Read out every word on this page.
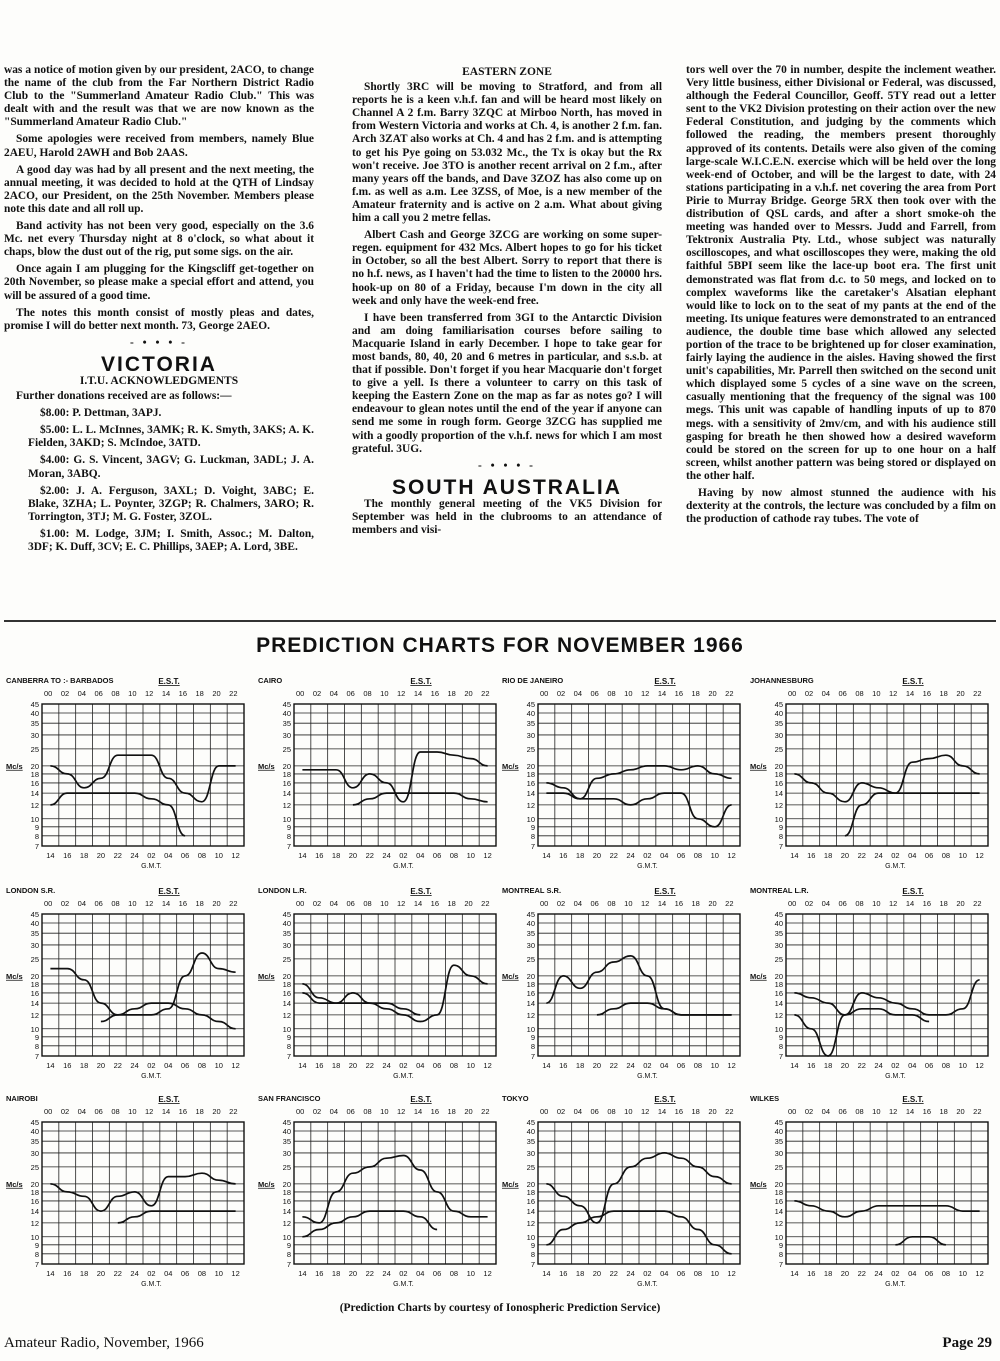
was a notice of motion given by our president, 2ACO, to change the name of the club from the Far Northern District Radio Club to the "Summerland Amateur Radio Club." This was dealt with and the result was that we are now known as the "Summerland Amateur Radio Club."

Some apologies were received from members, namely Blue 2AEU, Harold 2AWH and Bob 2AAS.

A good day was had by all present and the next meeting, the annual meeting, it was decided to hold at the QTH of Lindsay 2ACO, our President, on the 25th November. Members please note this date and all roll up.

Band activity has not been very good, especially on the 3.6 Mc. net every Thursday night at 8 o'clock, so what about it chaps, blow the dust out of the rig, put some sigs. on the air.

Once again I am plugging for the Kingscliff get-together on 20th November, so please make a special effort and attend, you will be assured of a good time.

The notes this month consist of mostly pleas and dates, promise I will do better next month. 73, George 2AEO.

- • • • -
VICTORIA
I.T.U. ACKNOWLEDGMENTS

Further donations received are as follows:—

$8.00: P. Dettman, 3APJ.

$5.00: L. L. McInnes, 3AMK; R. K. Smyth, 3AKS; A. K. Fielden, 3AKD; S. McIndoe, 3ATD.

$4.00: G. S. Vincent, 3AGV; G. Luckman, 3ADL; J. A. Moran, 3ABQ.

$2.00: J. A. Ferguson, 3AXL; D. Voight, 3ABC; E. Blake, 3ZHA; L. Poynter, 3ZGP; R. Chalmers, 3ARO; R. Torrington, 3TJ; M. G. Foster, 3ZOL.

$1.00: M. Lodge, 3JM; I. Smith, Assoc.; M. Dalton, 3DF; K. Duff, 3CV; E. C. Phillips, 3AEP; A. Lord, 3BE.

EASTERN ZONE

Shortly 3RC will be moving to Stratford, and from all reports he is a keen v.h.f. fan and will be heard most likely on Channel A 2 f.m. Barry 3ZQC at Mirboo North, has moved in from Western Victoria and works at Ch. 4, is another 2 f.m. fan. Arch 3ZAT also works at Ch. 4 and has 2 f.m. and is attempting to get his Pye going on 53.032 Mc., the Tx is okay but the Rx won't receive. Joe 3TO is another recent arrival on 2 f.m., after many years off the bands, and Dave 3ZOZ has also come up on f.m. as well as a.m. Lee 3ZSS, of Moe, is a new member of the Amateur fraternity and is active on 2 a.m. What about giving him a call you 2 metre fellas.

Albert Cash and George 3ZCG are working on some super-regen. equipment for 432 Mcs. Albert hopes to go for his ticket in October, so all the best Albert. Sorry to report that there is no h.f. news, as I haven't had the time to listen to the 20000 hrs. hook-up on 80 of a Friday, because I'm down in the city all week and only have the week-end free.

I have been transferred from 3GI to the Antarctic Division and am doing familiarisation courses before sailing to Macquarie Island in early December. I hope to take gear for most bands, 80, 40, 20 and 6 metres in particular, and s.s.b. at that if possible. Don't forget if you hear Macquarie don't forget to give a yell. Is there a volunteer to carry on this task of keeping the Eastern Zone on the map as far as notes go? I will endeavour to glean notes until the end of the year if anyone can send me some in rough form. George 3ZCG has supplied me with a goodly proportion of the v.h.f. news for which I am most grateful. 3UG.

- • • • -
SOUTH AUSTRALIA

The monthly general meeting of the VK5 Division for September was held in the clubrooms to an attendance of members and visi-

tors well over the 70 in number, despite the inclement weather. Very little business, either Divisional or Federal, was discussed, although the Federal Councillor, Geoff. 5TY read out a letter sent to the VK2 Division protesting on their action over the new Federal Constitution, and judging by the comments which followed the reading, the members present thoroughly approved of its contents. Details were also given of the coming large-scale W.I.C.E.N. exercise which will be held over the long week-end of October, and will be the largest to date, with 24 stations participating in a v.h.f. net covering the area from Port Pirie to Murray Bridge. George 5RX then took over with the distribution of QSL cards, and after a short smoke-oh the meeting was handed over to Messrs. Judd and Farrell, from Tektronix Australia Pty. Ltd., whose subject was naturally oscilloscopes, and what oscilloscopes they were, making the old faithful 5BPI seem like the lace-up boot era. The first unit demonstrated was flat from d.c. to 50 megs, and locked on to complex waveforms like the caretaker's Alsatian elephant would like to lock on to the seat of my pants at the end of the meeting. Its unique features were demonstrated to an entranced audience, the double time base which allowed any selected portion of the trace to be brightened up for closer examination, fairly laying the audience in the aisles. Having showed the first unit's capabilities, Mr. Parrell then switched on the second unit which displayed some 5 cycles of a sine wave on the screen, casually mentioning that the frequency of the signal was 100 megs. This unit was capable of handling inputs of up to 870 megs. with a sensitivity of 2mv/cm, and with his audience still gasping for breath he then showed how a desired waveform could be stored on the screen for up to one hour on a half screen, whilst another pattern was being stored or displayed on the other half.

Having by now almost stunned the audience with his dexterity at the controls, the lecture was concluded by a film on the production of cathode ray tubes. The vote of

PREDICTION CHARTS FOR NOVEMBER 1966
CANBERRA TO :- BARBADOS	E.S.T.
00 02 04 06 08 10 12 14 16 18 20 22
Mc/s
45
40
35
30
25
20
18
16
14
12
10
9
8
7
14 16 18 20 22 24 02 04 06 08 10 12
G.M.T.
CAIRO	E.S.T.
00 02 04 06 08 10 12 14 16 18 20 22
Mc/s
45
40
35
30
25
20
18
16
14
12
10
9
8
7
14 16 18 20 22 24 02 04 06 08 10 12
G.M.T.
RIO DE JANEIRO	E.S.T.
00 02 04 06 08 10 12 14 16 18 20 22
Mc/s
45
40
35
30
25
20
18
16
14
12
10
9
8
7
14 16 18 20 22 24 02 04 06 08 10 12
G.M.T.
JOHANNESBURG	E.S.T.
00 02 04 06 08 10 12 14 16 18 20 22
Mc/s
45
40
35
30
25
20
18
16
14
12
10
9
8
7
14 16 18 20 22 24 02 04 06 08 10 12
G.M.T.
LONDON S.R.	E.S.T.
00 02 04 06 08 10 12 14 16 18 20 22
Mc/s
45
40
35
30
25
20
18
16
14
12
10
9
8
7
14 16 18 20 22 24 02 04 06 08 10 12
G.M.T.
LONDON L.R.	E.S.T.
00 02 04 06 08 10 12 14 16 18 20 22
Mc/s
45
40
35
30
25
20
18
16
14
12
10
9
8
7
14 16 18 20 22 24 02 04 06 08 10 12
G.M.T.
MONTREAL S.R.	E.S.T.
00 02 04 06 08 10 12 14 16 18 20 22
Mc/s
45
40
35
30
25
20
18
16
14
12
10
9
8
7
14 16 18 20 22 24 02 04 06 08 10 12
G.M.T.
MONTREAL L.R.	E.S.T.
00 02 04 06 08 10 12 14 16 18 20 22
Mc/s
45
40
35
30
25
20
18
16
14
12
10
9
8
7
14 16 18 20 22 24 02 04 06 08 10 12
G.M.T.
NAIROBI	E.S.T.
00 02 04 06 08 10 12 14 16 18 20 22
Mc/s
45
40
35
30
25
20
18
16
14
12
10
9
8
7
14 16 18 20 22 24 02 04 06 08 10 12
G.M.T.
SAN FRANCISCO	E.S.T.
00 02 04 06 08 10 12 14 16 18 20 22
Mc/s
45
40
35
30
25
20
18
16
14
12
10
9
8
7
14 16 18 20 22 24 02 04 06 08 10 12
G.M.T.
TOKYO	E.S.T.
00 02 04 06 08 10 12 14 16 18 20 22
Mc/s
45
40
35
30
25
20
18
16
14
12
10
9
8
7
14 16 18 20 22 24 02 04 06 08 10 12
G.M.T.
WILKES	E.S.T.
00 02 04 06 08 10 12 14 16 18 20 22
Mc/s
45
40
35
30
25
20
18
16
14
12
10
9
8
7
14 16 18 20 22 24 02 04 06 08 10 12
G.M.T.
(Prediction Charts by courtesy of Ionospheric Prediction Service)
Amateur Radio, November, 1966	Page 29
